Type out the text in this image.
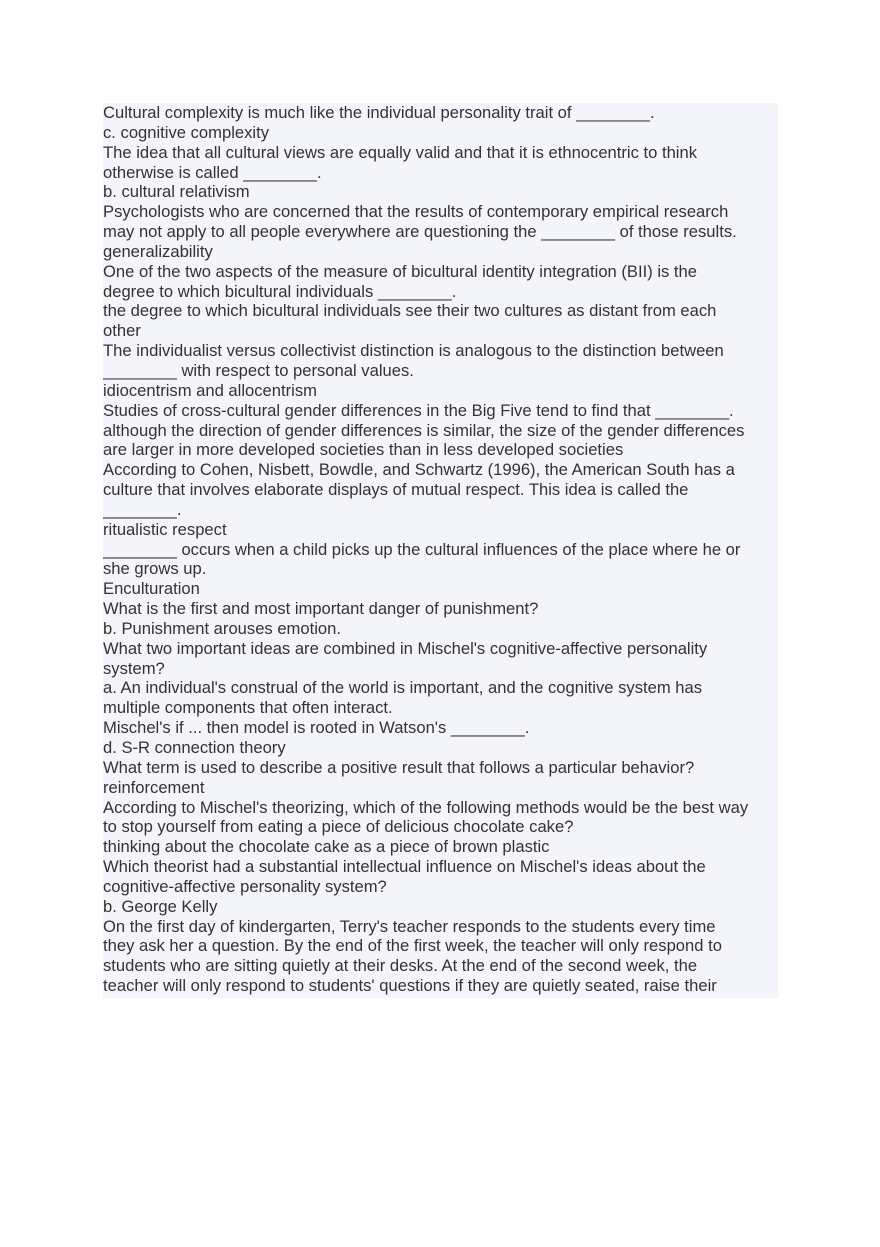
Cultural complexity is much like the individual personality trait of ________.

c. cognitive complexity

The idea that all cultural views are equally valid and that it is ethnocentric to think

otherwise is called ________.

b. cultural relativism

Psychologists who are concerned that the results of contemporary empirical research

may not apply to all people everywhere are questioning the ________ of those results.

generalizability

One of the two aspects of the measure of bicultural identity integration (BII) is the

degree to which bicultural individuals ________.

the degree to which bicultural individuals see their two cultures as distant from each

other

The individualist versus collectivist distinction is analogous to the distinction between

________ with respect to personal values.

idiocentrism and allocentrism

Studies of cross-cultural gender differences in the Big Five tend to find that ________.

although the direction of gender differences is similar, the size of the gender differences

are larger in more developed societies than in less developed societies

According to Cohen, Nisbett, Bowdle, and Schwartz (1996), the American South has a

culture that involves elaborate displays of mutual respect. This idea is called the

________.

ritualistic respect

________ occurs when a child picks up the cultural influences of the place where he or

she grows up.

Enculturation

What is the first and most important danger of punishment?

b. Punishment arouses emotion.

What two important ideas are combined in Mischel's cognitive-affective personality

system?

a. An individual's construal of the world is important, and the cognitive system has

multiple components that often interact.

Mischel's if ... then model is rooted in Watson's ________.

d. S-R connection theory

What term is used to describe a positive result that follows a particular behavior?

reinforcement

According to Mischel's theorizing, which of the following methods would be the best way

to stop yourself from eating a piece of delicious chocolate cake?

thinking about the chocolate cake as a piece of brown plastic

Which theorist had a substantial intellectual influence on Mischel's ideas about the

cognitive-affective personality system?

b. George Kelly

On the first day of kindergarten, Terry's teacher responds to the students every time

they ask her a question. By the end of the first week, the teacher will only respond to

students who are sitting quietly at their desks. At the end of the second week, the

teacher will only respond to students' questions if they are quietly seated, raise their
